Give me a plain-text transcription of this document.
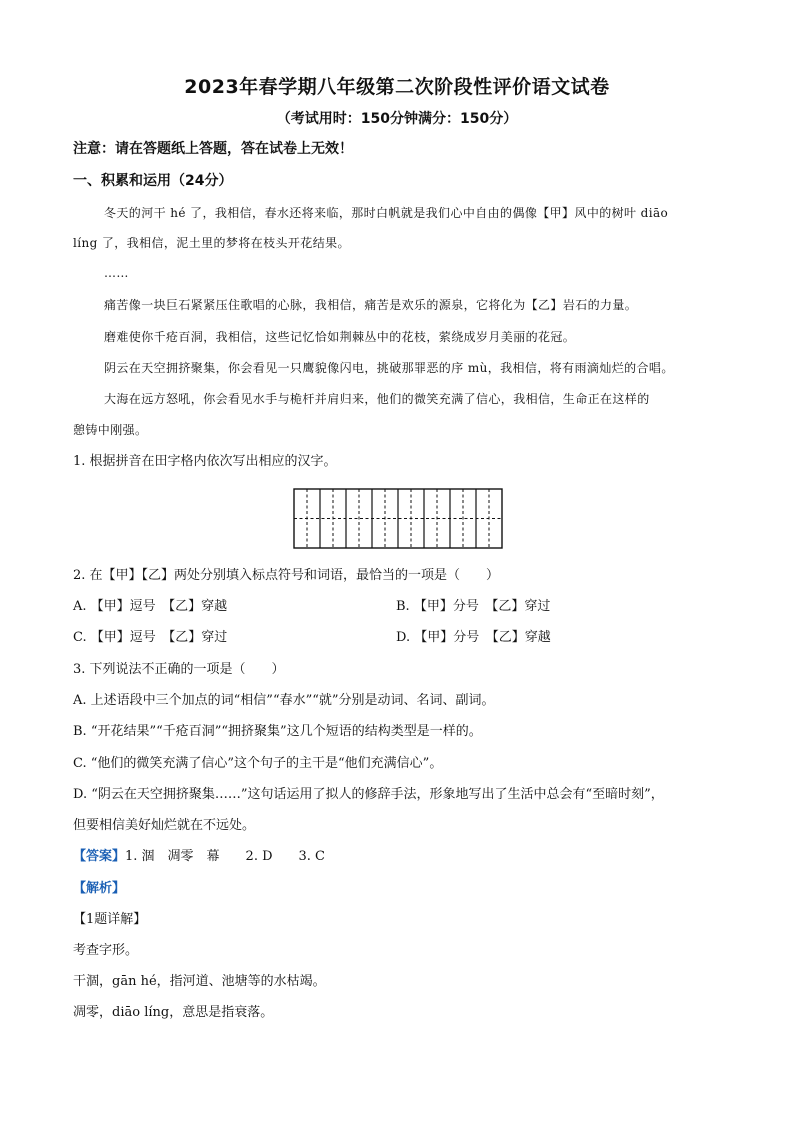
2023年春学期八年级第二次阶段性评价语文试卷
（考试用时：150分钟满分：150分）
注意：请在答题纸上答题，答在试卷上无效！
一、积累和运用（24分）
冬天的河干 hé 了，我相信，春水还将来临，那时白帆就是我们心中自由的偶像【甲】风中的树叶 diāo
líng 了，我相信，泥土里的梦将在枝头开花结果。
……
痛苦像一块巨石紧紧压住歌唱的心脉，我相信，痛苦是欢乐的源泉，它将化为【乙】岩石的力量。
磨难使你千疮百洞，我相信，这些记忆恰如荆棘丛中的花枝，萦绕成岁月美丽的花冠。
阴云在天空拥挤聚集，你会看见一只鹰貌像闪电，挑破那罪恶的序 mù，我相信，将有雨滴灿烂的合唱。
大海在远方怒吼，你会看见水手与桅杆并肩归来，他们的微笑充满了信心，我相信，生命正在这样的
憩铸中刚强。
1. 根据拼音在田字格内依次写出相应的汉字。
2. 在【甲】【乙】两处分别填入标点符号和词语，最恰当的一项是（　　）
A. 【甲】逗号　【乙】穿越	B. 【甲】分号　【乙】穿过
C. 【甲】逗号　【乙】穿过	D. 【甲】分号　【乙】穿越
3. 下列说法不正确的一项是（　　）
A. 上述语段中三个加点的词“相信”“春水”“就”分别是动词、名词、副词。
B. “开花结果”“千疮百洞”“拥挤聚集”这几个短语的结构类型是一样的。
C. “他们的微笑充满了信心”这个句子的主干是“他们充满信心”。
D. “阴云在天空拥挤聚集……”这句话运用了拟人的修辞手法，形象地写出了生活中总会有“至暗时刻”，
但要相信美好灿烂就在不远处。
【答案】1. 涸　凋零　幕　　2. D　　3. C
【解析】
【1题详解】
考查字形。
干涸，gān hé，指河道、池塘等的水枯竭。
凋零，diāo líng，意思是指衰落。
